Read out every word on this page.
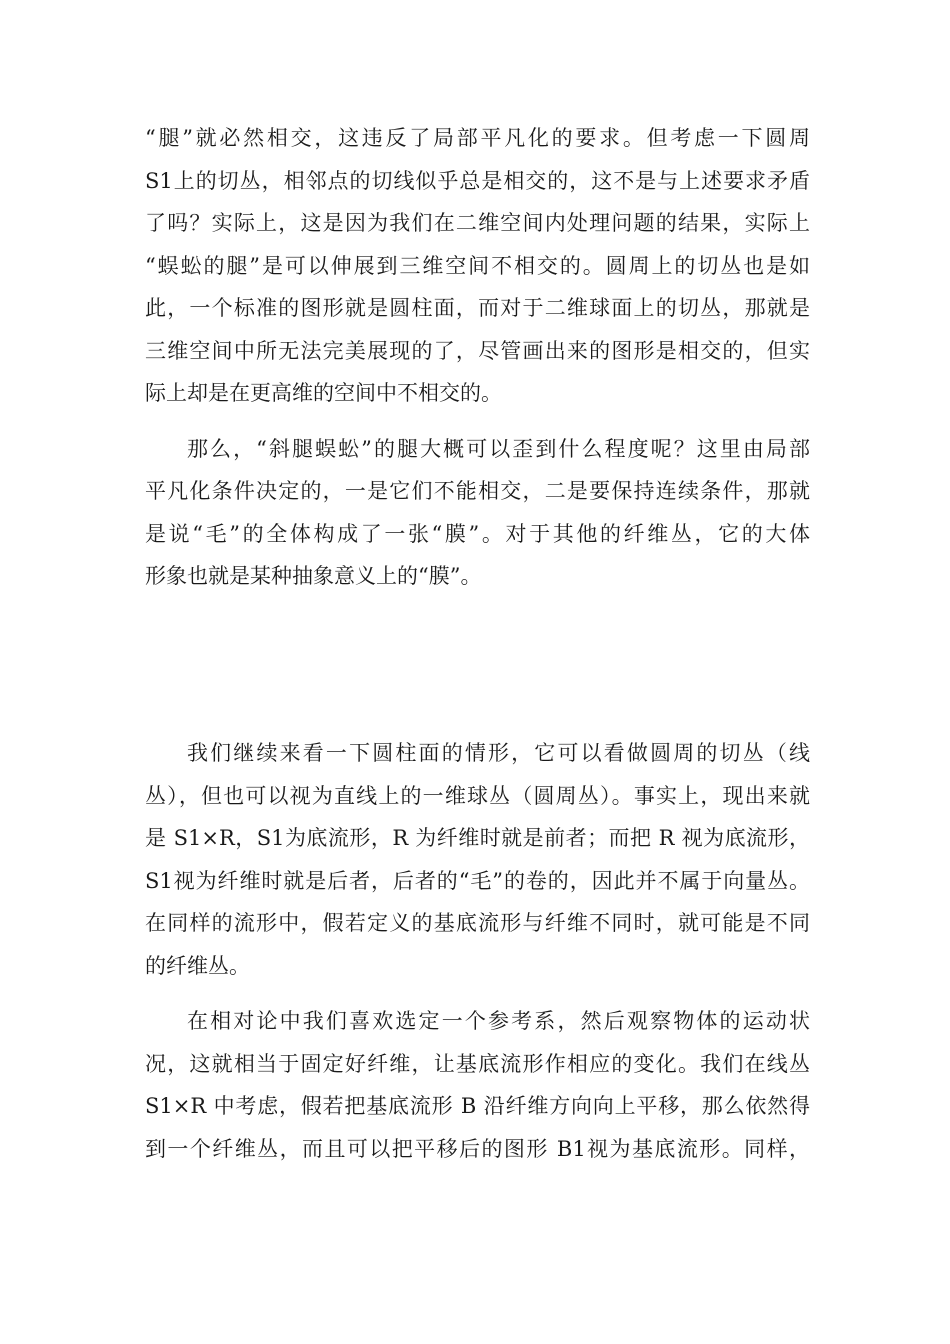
“腿”就必然相交，这违反了局部平凡化的要求。但考虑一下圆周
S1上的切丛，相邻点的切线似乎总是相交的，这不是与上述要求矛盾
了吗？实际上，这是因为我们在二维空间内处理问题的结果，实际上
“蜈蚣的腿”是可以伸展到三维空间不相交的。圆周上的切丛也是如
此，一个标准的图形就是圆柱面，而对于二维球面上的切丛，那就是
三维空间中所无法完美展现的了，尽管画出来的图形是相交的，但实
际上却是在更高维的空间中不相交的。
那么，“斜腿蜈蚣”的腿大概可以歪到什么程度呢？这里由局部
平凡化条件决定的，一是它们不能相交，二是要保持连续条件，那就
是说“毛”的全体构成了一张“膜”。对于其他的纤维丛，它的大体
形象也就是某种抽象意义上的“膜”。
我们继续来看一下圆柱面的情形，它可以看做圆周的切丛（线
丛），但也可以视为直线上的一维球丛（圆周丛）。事实上，现出来就
是 S1×R，S1为底流形，R 为纤维时就是前者；而把 R 视为底流形，
S1视为纤维时就是后者，后者的“毛”的卷的，因此并不属于向量丛。
在同样的流形中，假若定义的基底流形与纤维不同时，就可能是不同
的纤维丛。
在相对论中我们喜欢选定一个参考系，然后观察物体的运动状
况，这就相当于固定好纤维，让基底流形作相应的变化。我们在线丛
S1×R 中考虑，假若把基底流形 B 沿纤维方向向上平移，那么依然得
到一个纤维丛，而且可以把平移后的图形 B1视为基底流形。同样，
